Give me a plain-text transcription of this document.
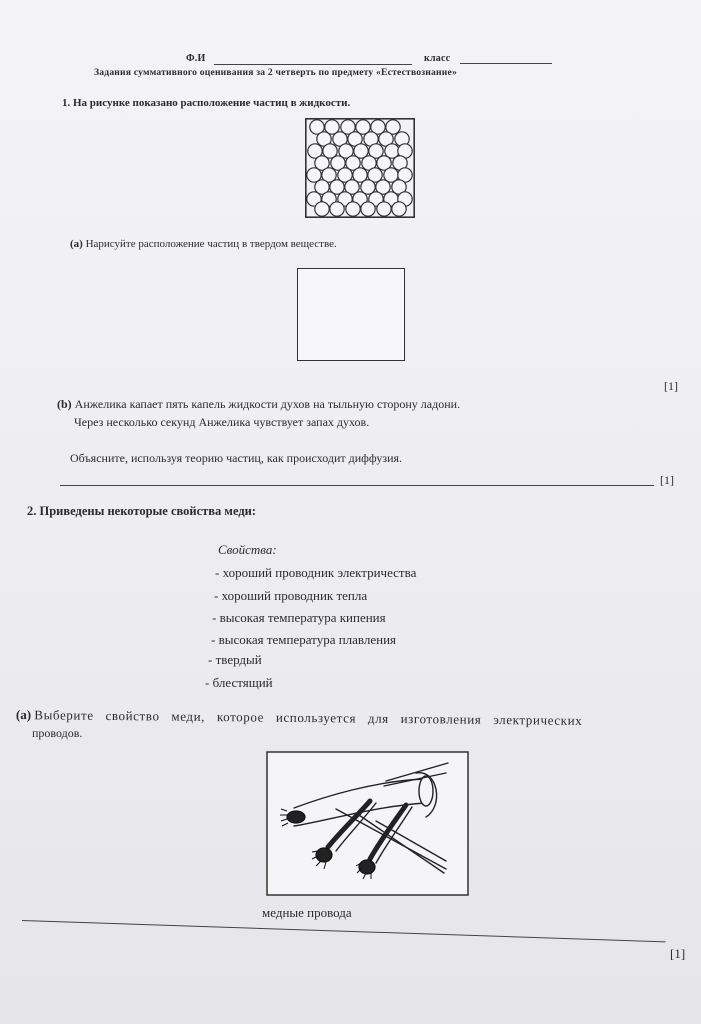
Ф.И	класс
Задания суммативного оценивания за 2 четверть по предмету «Естествознание»
1. На рисунке показано расположение частиц в жидкости.
(a) Нарисуйте расположение частиц в твердом веществе.
[1]
(b) Анжелика капает пять капель жидкости духов на тыльную сторону ладони.
Через несколько секунд Анжелика чувствует запах духов.
Объясните, используя теорию частиц, как происходит диффузия.
[1]
2. Приведены некоторые свойства меди:
Свойства:
- хороший проводник электричества
- хороший проводник тепла
- высокая температура кипения
- высокая температура плавления
- твердый
- блестящий
(a) Выберите свойство меди, которое используется для изготовления электрических
проводов.
медные провода
[1]
